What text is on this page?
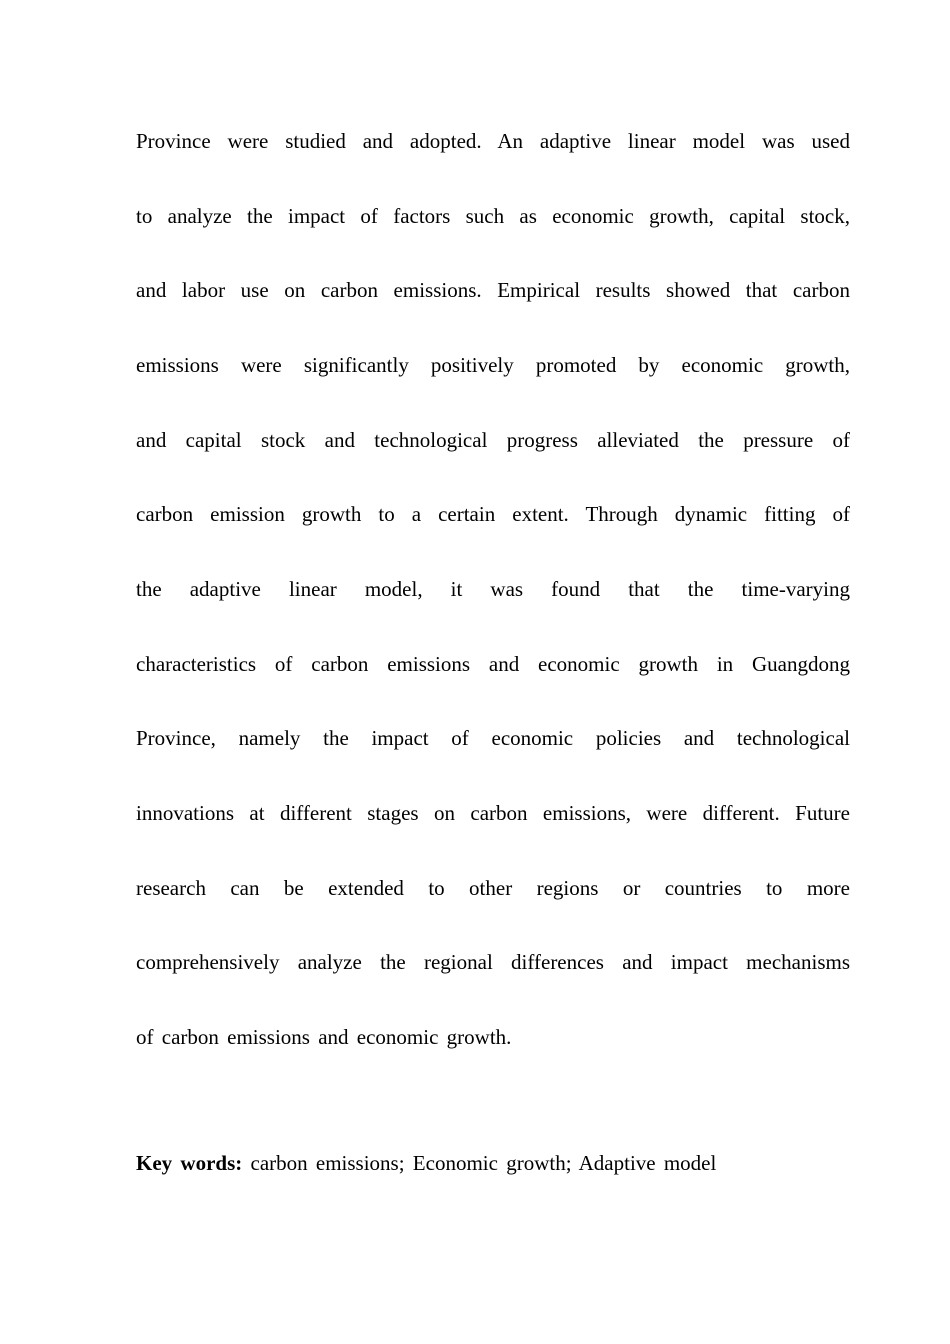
Province were studied and adopted. An adaptive linear model was used
to analyze the impact of factors such as economic growth, capital stock,
and labor use on carbon emissions. Empirical results showed that carbon
emissions were significantly positively promoted by economic growth,
and capital stock and technological progress alleviated the pressure of
carbon emission growth to a certain extent. Through dynamic fitting of
the adaptive linear model, it was found that the time-varying
characteristics of carbon emissions and economic growth in Guangdong
Province, namely the impact of economic policies and technological
innovations at different stages on carbon emissions, were different. Future
research can be extended to other regions or countries to more
comprehensively analyze the regional differences and impact mechanisms
of carbon emissions and economic growth.
Key words: carbon emissions; Economic growth; Adaptive model
